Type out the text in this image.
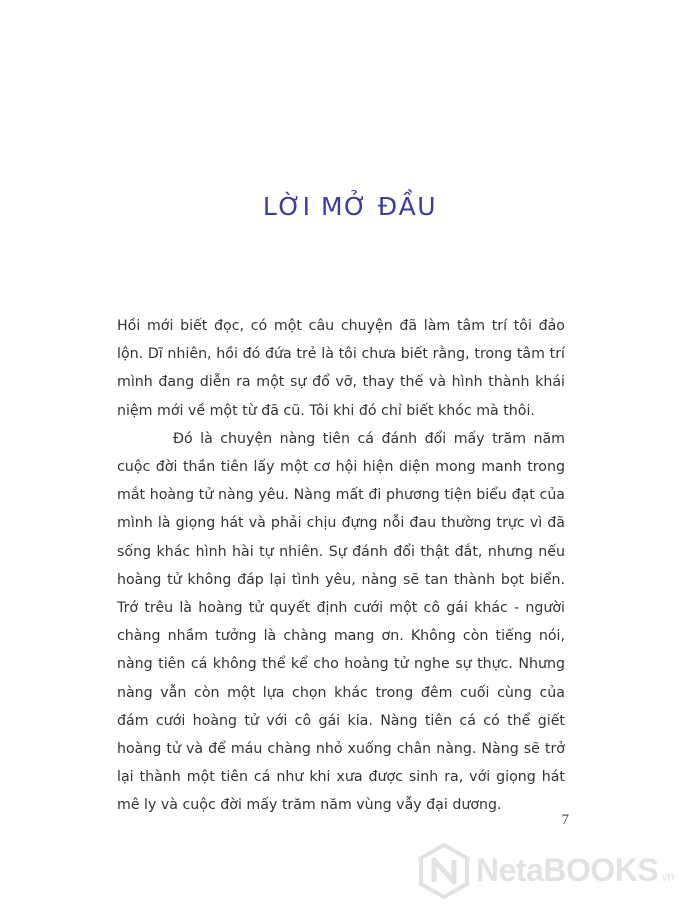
LỜI MỞ ĐẦU

Hồi mới biết đọc, có một câu chuyện đã làm tâm trí tôi đảo lộn. Dĩ nhiên, hồi đó đứa trẻ là tôi chưa biết rằng, trong tâm trí mình đang diễn ra một sự đổ vỡ, thay thế và hình thành khái niệm mới về một từ đã cũ. Tôi khi đó chỉ biết khóc mà thôi.

Đó là chuyện nàng tiên cá đánh đổi mấy trăm năm cuộc đời thần tiên lấy một cơ hội hiện diện mong manh trong mắt hoàng tử nàng yêu. Nàng mất đi phương tiện biểu đạt của mình là giọng hát và phải chịu đựng nỗi đau thường trực vì đã sống khác hình hài tự nhiên. Sự đánh đổi thật đắt, nhưng nếu hoàng tử không đáp lại tình yêu, nàng sẽ tan thành bọt biển. Trớ trêu là hoàng tử quyết định cưới một cô gái khác - người chàng nhầm tưởng là chàng mang ơn. Không còn tiếng nói, nàng tiên cá không thể kể cho hoàng tử nghe sự thực. Nhưng nàng vẫn còn một lựa chọn khác trong đêm cuối cùng của đám cưới hoàng tử với cô gái kia. Nàng tiên cá có thể giết hoàng tử và để máu chàng nhỏ xuống chân nàng. Nàng sẽ trở lại thành một tiên cá như khi xưa được sinh ra, với giọng hát mê ly và cuộc đời mấy trăm năm vùng vẫy đại dương.

7
NetaBOOKS.vn
